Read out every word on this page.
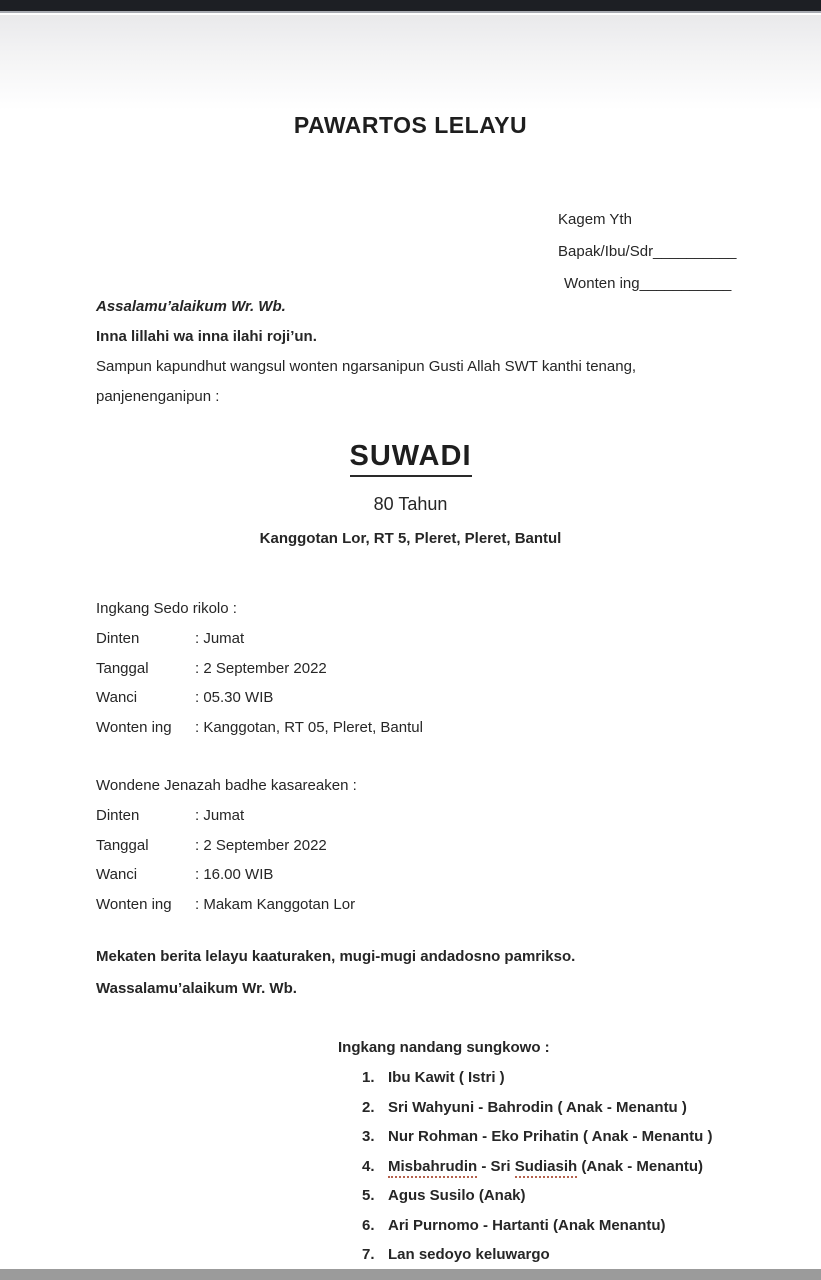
PAWARTOS LELAYU
Kagem Yth
Bapak/Ibu/Sdr__________
Wonten ing___________
Assalamu’alaikum Wr. Wb.
Inna lillahi wa inna ilahi roji’un.
Sampun kapundhut wangsul wonten ngarsanipun Gusti Allah SWT kanthi tenang,
panjenenganipun :
SUWADI
80 Tahun
Kanggotan Lor, RT 5, Pleret, Pleret, Bantul
Ingkang Sedo rikolo :
Dinten	: Jumat
Tanggal	: 2 September 2022
Wanci	: 05.30 WIB
Wonten ing	: Kanggotan, RT 05, Pleret, Bantul
Wondene Jenazah badhe kasareaken :
Dinten	: Jumat
Tanggal	: 2 September 2022
Wanci	: 16.00 WIB
Wonten ing	: Makam Kanggotan Lor
Mekaten berita lelayu kaaturaken, mugi-mugi andadosno pamrikso.
Wassalamu’alaikum Wr. Wb.
Ingkang nandang sungkowo :
1. Ibu Kawit ( Istri )
2. Sri Wahyuni - Bahrodin ( Anak - Menantu )
3. Nur Rohman - Eko Prihatin ( Anak - Menantu )
4. Misbahrudin - Sri Sudiasih (Anak - Menantu)
5. Agus Susilo (Anak)
6. Ari Purnomo - Hartanti (Anak Menantu)
7. Lan sedoyo keluwargo
